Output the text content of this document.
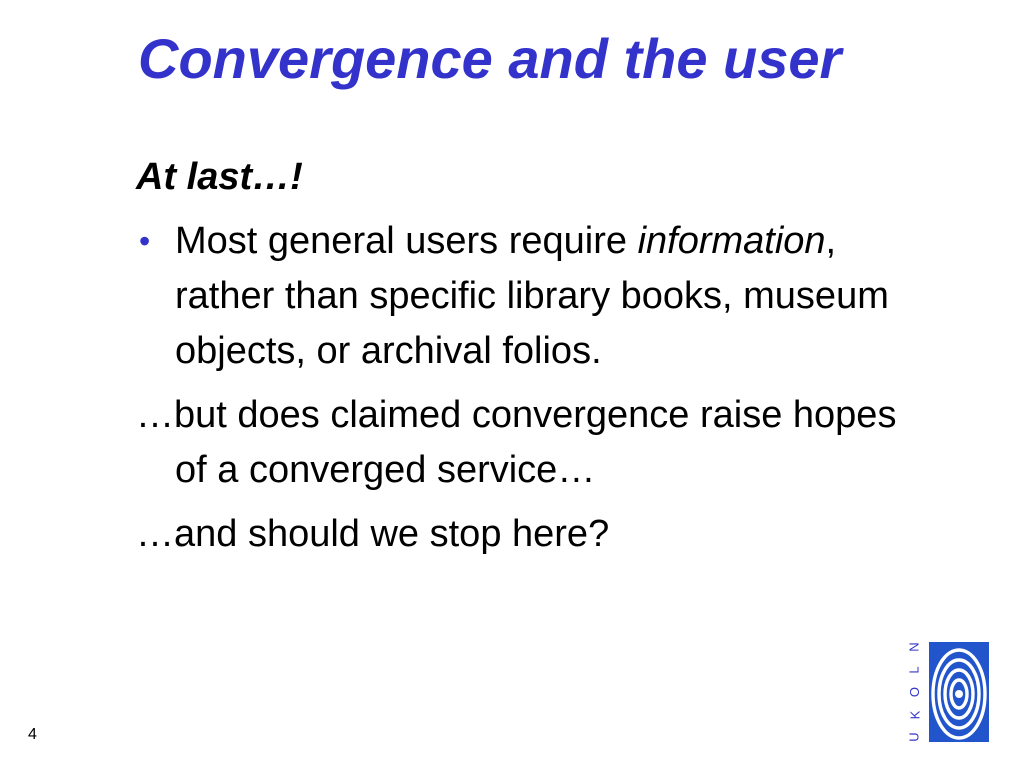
Convergence and the user
At last…!
• Most general users require information, rather than specific library books, museum objects, or archival folios.
…but does claimed convergence raise hopes of a converged service…
…and should we stop here?
4	U
K
O
L
N
